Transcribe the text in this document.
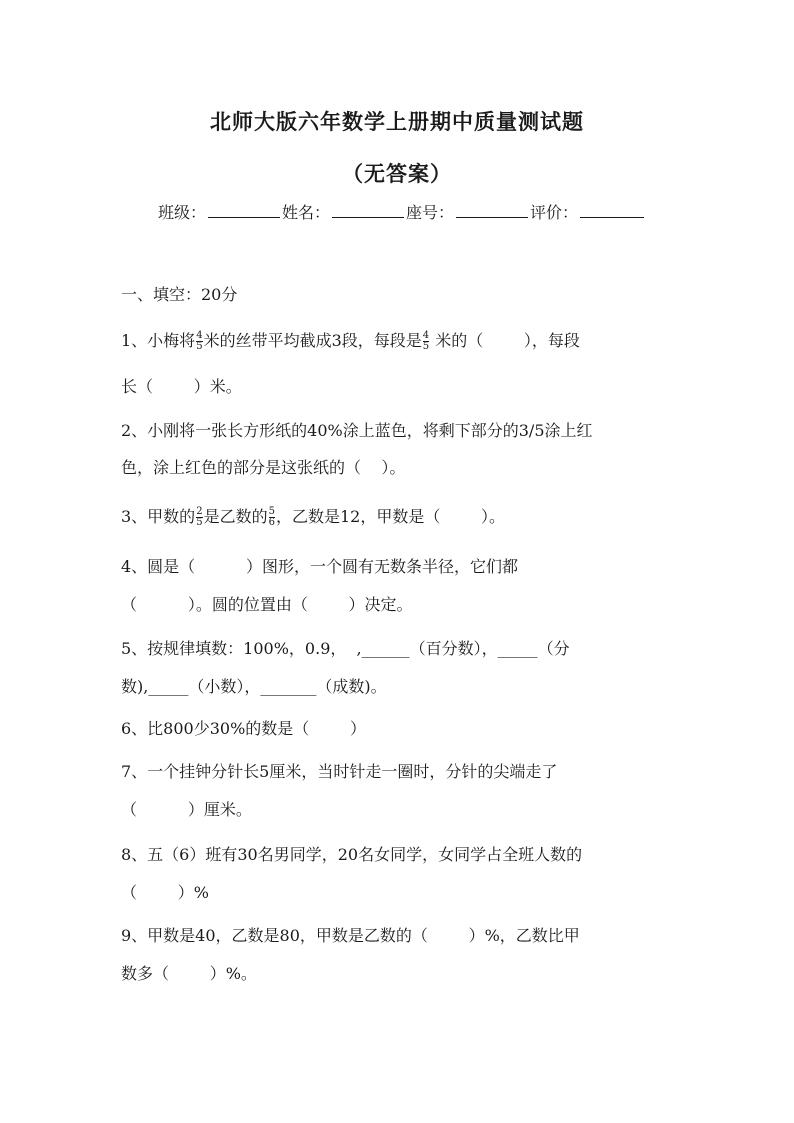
北师大版六年数学上册期中质量测试题
（无答案）
班级：	姓名：	座号：	评价：
一、填空：20分
1、小梅将 $\frac{4}{5}$ 米的丝带平均截成3段，每段是 $\frac{4}{5}$ 米的（        ），每段
长（        ）米。
2、小刚将一张长方形纸的40%涂上蓝色，将剩下部分的3/5涂上红
色，涂上红色的部分是这张纸的（    ）。
3、甲数的 $\frac{2}{5}$ 是乙数的 $\frac{5}{6}$ ，乙数是12，甲数是（        ）。
4、圆是（          ）图形，一个圆有无数条半径，它们都
（          ）。圆的位置由（        ）决定。
5、按规律填数：100%，0.9，  ,______（百分数），_____（分
数),_____（小数），_______（成数)。
6、比800少30%的数是（        ）
7、一个挂钟分针长5厘米，当时针走一圈时，分针的尖端走了
（          ）厘米。
8、五（6）班有30名男同学，20名女同学，女同学占全班人数的
（        ）%
9、甲数是40，乙数是80，甲数是乙数的（        ）%，乙数比甲
数多（        ）%。
